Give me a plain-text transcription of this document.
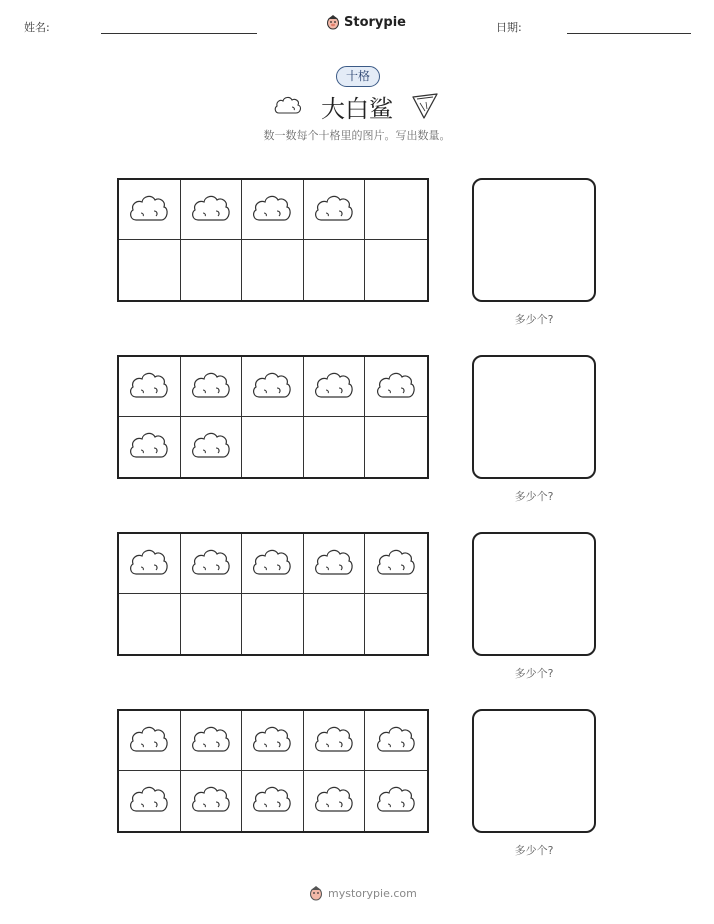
姓名:	Storypie	日期:
十格
大白鲨
数一数每个十格里的图片。写出数量。
多少个?
多少个?
多少个?
多少个?
mystorypie.com
